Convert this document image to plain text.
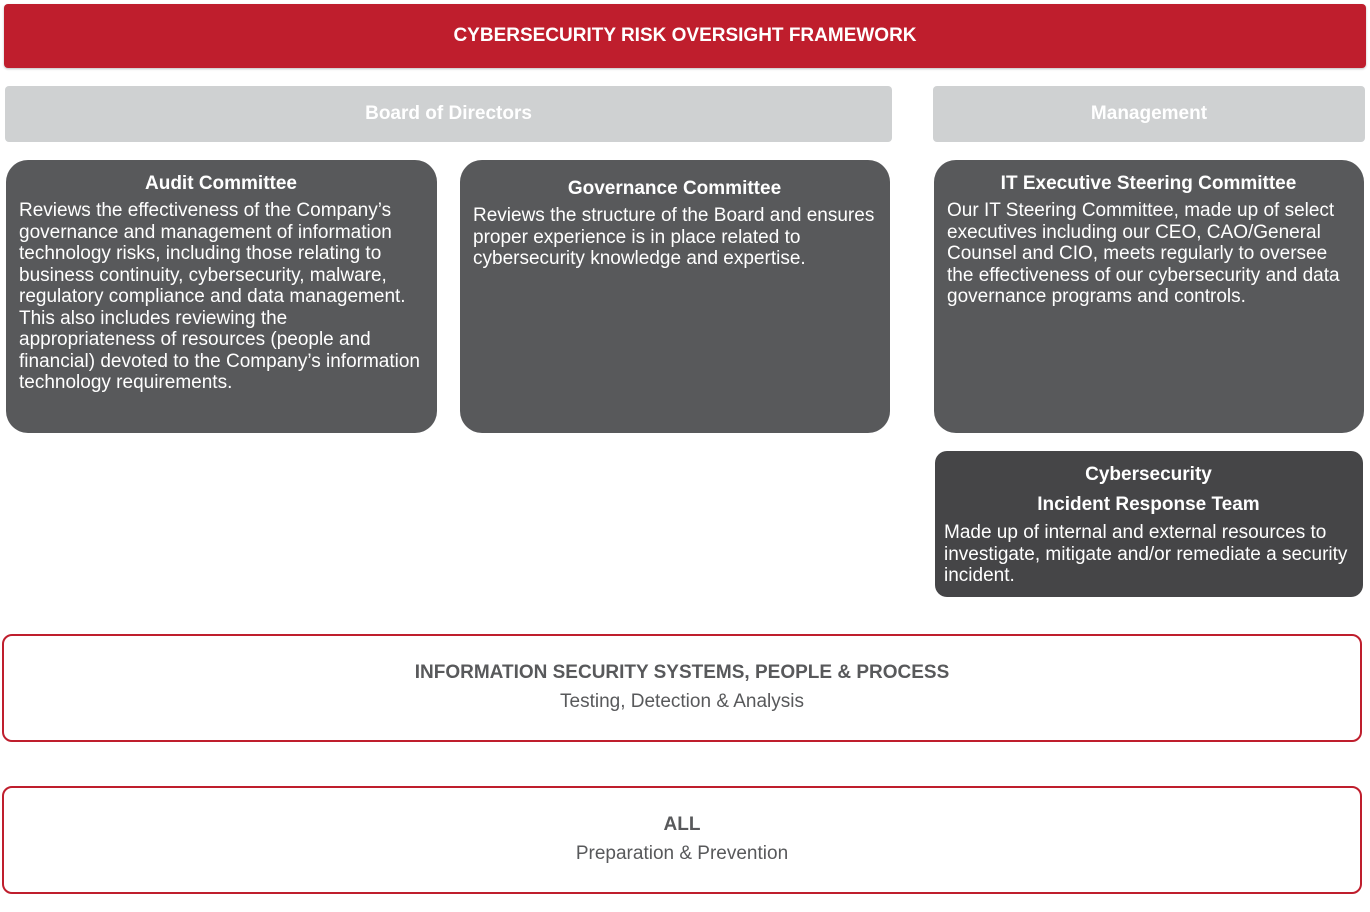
CYBERSECURITY RISK OVERSIGHT FRAMEWORK
Board of Directors	Management
Audit Committee
Reviews the effectiveness of the Company’s governance and management of information technology risks, including those relating to business continuity, cybersecurity, malware, regulatory compliance and data management. This also includes reviewing the appropriateness of resources (people and financial) devoted to the Company’s information technology requirements.
Governance Committee
Reviews the structure of the Board and ensures proper experience is in place related to cybersecurity knowledge and expertise.
IT Executive Steering Committee
Our IT Steering Committee, made up of select executives including our CEO, CAO/General Counsel and CIO, meets regularly to oversee the effectiveness of our cybersecurity and data governance programs and controls.
Cybersecurity
Incident Response Team
Made up of internal and external resources to investigate, mitigate and/or remediate a security incident.
INFORMATION SECURITY SYSTEMS, PEOPLE & PROCESS
Testing, Detection & Analysis
ALL
Preparation & Prevention
